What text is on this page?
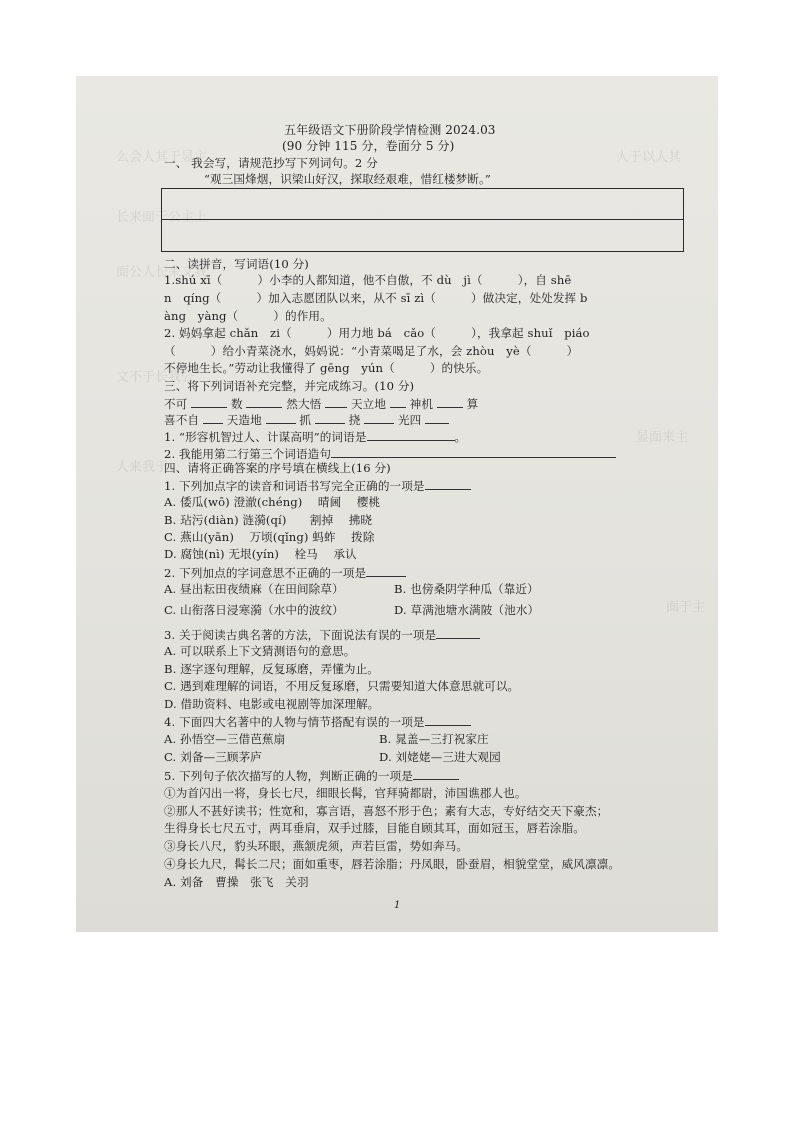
么会人其于显主	人于以人其
长来面于公主上
面公人长来文我
文不于长我公
显面来主
人来我于
面于主
五年级语文下册阶段学情检测 2024.03
(90 分钟 115 分，卷面分 5 分)
一、 我会写，请规范抄写下列词句。2 分
“观三国烽烟，识梁山好汉，探取经艰难，惜红楼梦断。”
二、读拼音，写词语(10 分)
1.shú xī（　　　）小李的人都知道，他不自傲，不 dù　jì（　　　），自 shē
n　qíng（　　　）加入志愿团队以来，从不 sī zì（　　　）做决定，处处发挥 b
àng　yàng（　　　）的作用。
2. 妈妈拿起 chǎn　zi（　　　）用力地 bá　cǎo（　　　），我拿起 shuǐ　piáo
（　　　）给小青菜浇水，妈妈说：“小青菜喝足了水，会 zhòu　yè（　　　）
不停地生长。”劳动让我懂得了 gēng　yún（　　　）的快乐。
三、将下列词语补充完整，并完成练习。(10 分)
不可	数	然大悟	天立地 神机	算
喜不自 天造地	抓	挠	光四
1. “形容机智过人、计谋高明”的词语是	。
2. 我能用第二行第三个词语造句
四、请将正确答案的序号填在横线上(16 分)
1. 下列加点字的读音和词语书写完全正确的一项是
A. 倭瓜(wō) 澄澈(chéng)　 晴阃　 樱桃
B. 玷污(diàn) 涟漪(qí)　　割掉　 拂晓
C. 燕山(yān)　 万顷(qǐng) 蚂蚱　 拨除
D. 腐蚀(nì) 无垠(yín)　 栓马　 承认
2. 下列加点的字词意思不正确的一项是
A. 昼出耘田夜绩麻（在田间除草）	B. 也傍桑阴学种瓜（靠近）
C. 山衔落日浸寒漪（水中的波纹）	D. 草满池塘水满陂（池水）
3. 关于阅读古典名著的方法，下面说法有误的一项是
A. 可以联系上下文猜测语句的意思。
B. 逐字逐句理解，反复琢磨，弄懂为止。
C. 遇到难理解的词语，不用反复琢磨，只需要知道大体意思就可以。
D. 借助资料、电影或电视剧等加深理解。
4. 下面四大名著中的人物与情节搭配有误的一项是
A. 孙悟空—三借芭蕉扇	B. 晁盖—三打祝家庄
C. 刘备—三顾茅庐	D. 刘姥姥—三进大观园
5. 下列句子依次描写的人物，判断正确的一项是
①为首闪出一将，身长七尺，细眼长髯，官拜骑都尉，沛国谯郡人也。
②那人不甚好读书；性宽和，寡言语，喜怒不形于色；素有大志，专好结交天下豪杰；
生得身长七尺五寸，两耳垂肩，双手过膝，目能自顾其耳，面如冠玉，唇若涂脂。
③身长八尺，豹头环眼，燕颔虎须，声若巨雷，势如奔马。
④身长九尺，髯长二尺；面如重枣，唇若涂脂；丹凤眼，卧蚕眉，相貌堂堂，威风凛凛。
A. 刘备　曹操　张飞　关羽
1
